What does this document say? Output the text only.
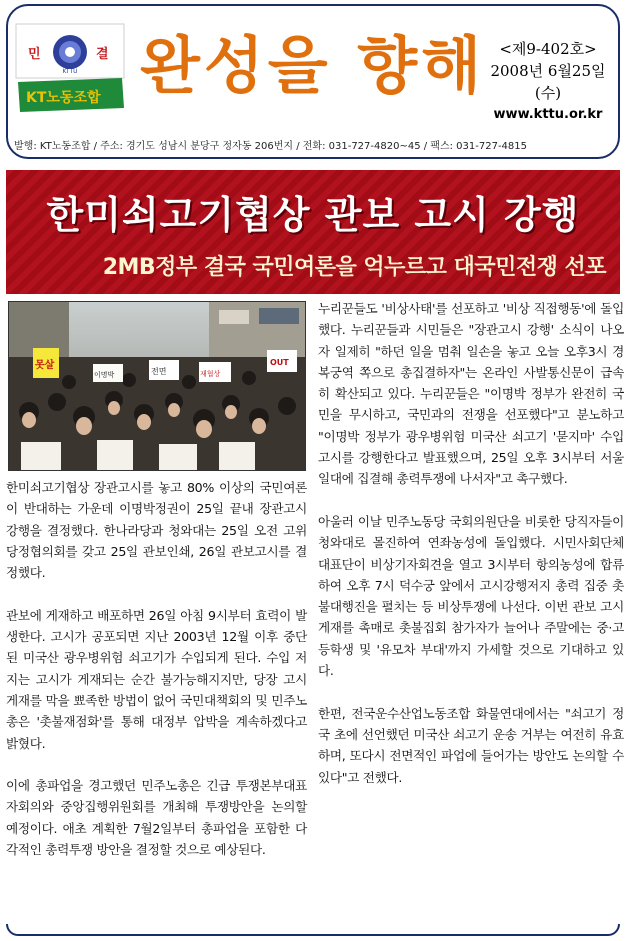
민	결
KTTU
KT노동조합 완성을 향해 <제9-402호>
2008년 6월25일(수)
www.kttu.or.kr
발행: KT노동조합 / 주소: 경기도 성남시 분당구 정자동 206번지 / 전화: 031-727-4820~45 / 팩스: 031-727-4815
한미쇠고기협상 관보 고시 강행
2MB정부 결국 국민여론을 억누르고 대국민전쟁 선포
못살
전면	재협상
이명박
OUT

한미쇠고기협상 장관고시를 놓고 80% 이상의 국민여론이 반대하는 가운데 이명박정권이 25일 끝내 장관고시 강행을 결정했다. 한나라당과 청와대는 25일 오전 고위당정협의회를 갖고 25일 관보인쇄, 26일 관보고시를 결정했다.

관보에 게재하고 배포하면 26일 아침 9시부터 효력이 발생한다. 고시가 공포되면 지난 2003년 12월 이후 중단된 미국산 광우병위험 쇠고기가 수입되게 된다. 수입 저지는 고시가 게재되는 순간 불가능해지지만, 당장 고시 게재를 막을 뾰족한 방법이 없어 국민대책회의 및 민주노총은 '촛불재점화'를 통해 대정부 압박을 계속하겠다고 밝혔다.

이에 총파업을 경고했던 민주노총은 긴급 투쟁본부대표자회의와 중앙집행위원회를 개최해 투쟁방안을 논의할 예정이다. 애초 계획한 7월2일부터 총파업을 포함한 다각적인 총력투쟁 방안을 결정할 것으로 예상된다.

누리꾼들도 '비상사태'를 선포하고 '비상 직접행동'에 돌입했다. 누리꾼들과 시민들은 "장관고시 강행' 소식이 나오자 일제히 "하던 일을 멈춰 일손을 놓고 오늘 오후3시 경복궁역 쪽으로 총집결하자"는 온라인 사발통신문이 급속히 확산되고 있다. 누리꾼들은 "이명박 정부가 완전히 국민을 무시하고, 국민과의 전쟁을 선포했다"고 분노하고 "이명박 정부가 광우병위험 미국산 쇠고기 '묻지마' 수입 고시를 강행한다고 발표했으며, 25일 오후 3시부터 서울 일대에 집결해 총력투쟁에 나서자"고 촉구했다.

아울러 이날 민주노동당 국회의원단을 비롯한 당직자들이 청와대로 몰진하여 연좌농성에 돌입했다. 시민사회단체 대표단이 비상기자회견을 열고 3시부터 항의농성에 합류하여 오후 7시 덕수궁 앞에서 고시강행저지 총력 집중 촛불대행진을 펼치는 등 비상투쟁에 나선다. 이번 관보 고시 게재를 촉매로 촛불집회 참가자가 늘어나 주말에는 중·고등학생 및 '유모차 부대'까지 가세할 것으로 기대하고 있다.

한편, 전국운수산업노동조합 화물연대에서는 "쇠고기 정국 초에 선언했던 미국산 쇠고기 운송 거부는 여전히 유효하며, 또다시 전면적인 파업에 들어가는 방안도 논의할 수 있다"고 전했다.
